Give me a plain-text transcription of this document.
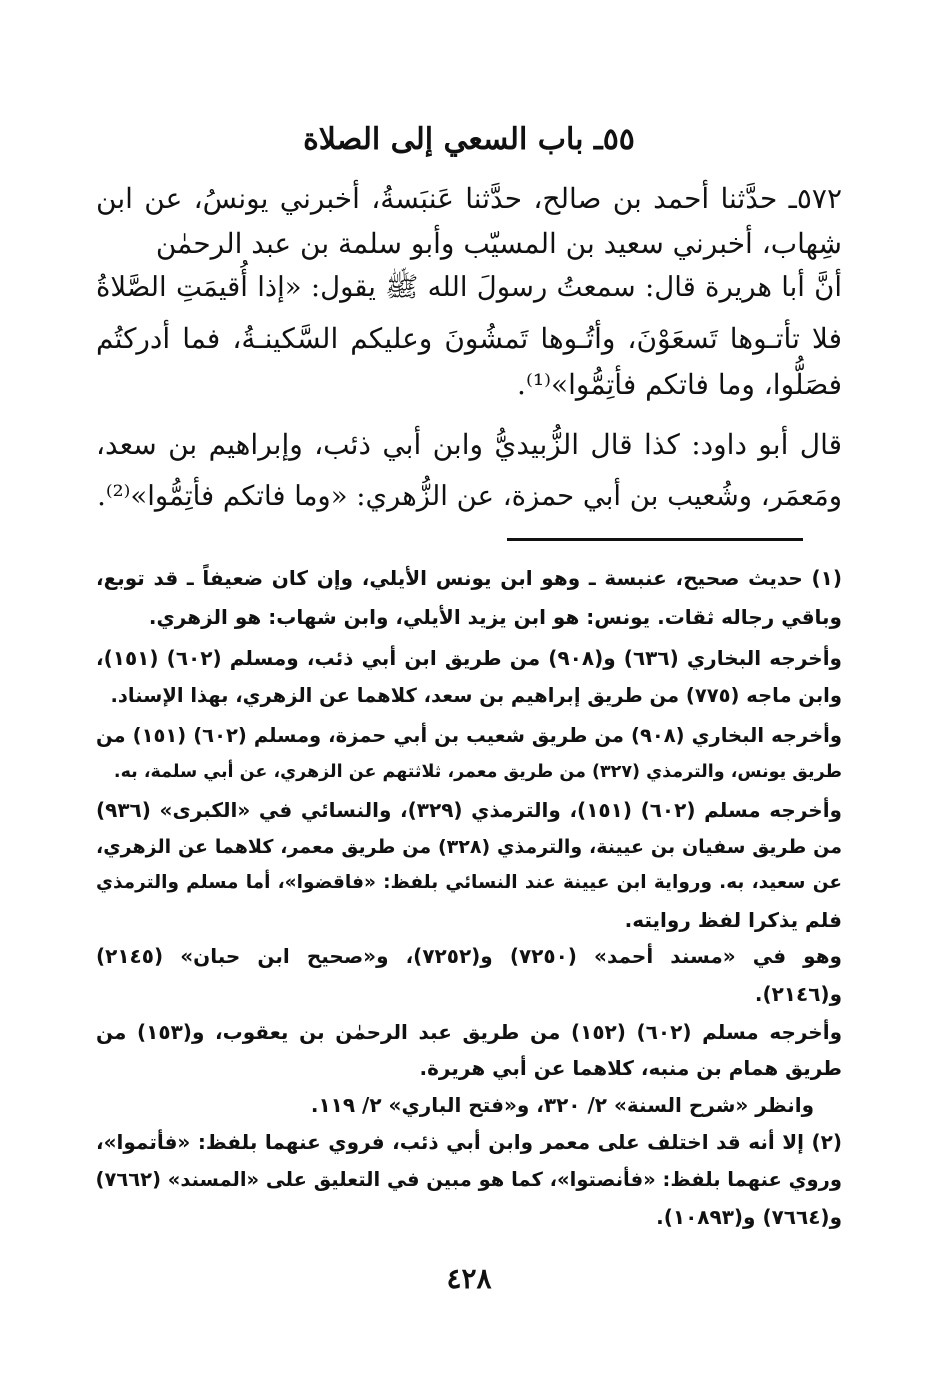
٥٥ـ باب السعي إلى الصلاة
٥٧٢ـ حدَّثنا أحمد بن صالح، حدَّثنا عَنبَسةُ، أخبرني يونسُ، عن ابن
شِهاب، أخبرني سعيد بن المسيّب وأبو سلمة بن عبد الرحمٰن
أنَّ أبا هريرة قال: سمعتُ رسولَ الله ﷺ يقول: «إذا أُقيمَتِ الصَّلاةُ
فلا تأتـوها تَسعَوْنَ، وأتُـوها تَمشُونَ وعليكم السَّكينـةُ، فما أدركتُم
فصَلُّوا، وما فاتكم فأتِمُّوا»⁽¹⁾.
قال أبو داود: كذا قال الزُّبيديُّ وابن أبي ذئب، وإبراهيم بن سعد،
ومَعمَر، وشُعيب بن أبي حمزة، عن الزُّهري: «وما فاتكم فأتِمُّوا»⁽²⁾.
(١) حديث صحيح، عنبسة ـ وهو ابن يونس الأيلي، وإن كان ضعيفاً ـ قد توبع،
وباقي رجاله ثقات. يونس: هو ابن يزيد الأيلي، وابن شهاب: هو الزهري.
وأخرجه البخاري (٦٣٦) و(٩٠٨) من طريق ابن أبي ذئب، ومسلم (٦٠٢) (١٥١)،
وابن ماجه (٧٧٥) من طريق إبراهيم بن سعد، كلاهما عن الزهري، بهذا الإسناد.
وأخرجه البخاري (٩٠٨) من طريق شعيب بن أبي حمزة، ومسلم (٦٠٢) (١٥١) من
طريق يونس، والترمذي (٣٢٧) من طريق معمر، ثلاثتهم عن الزهري، عن أبي سلمة، به.
وأخرجه مسلم (٦٠٢) (١٥١)، والترمذي (٣٢٩)، والنسائي في «الكبرى» (٩٣٦)
من طريق سفيان بن عيينة، والترمذي (٣٢٨) من طريق معمر، كلاهما عن الزهري،
عن سعيد، به. ورواية ابن عيينة عند النسائي بلفظ: «فاقضوا»، أما مسلم والترمذي
فلم يذكرا لفظ روايته.
وهو في «مسند أحمد» (٧٢٥٠) و(٧٢٥٢)، و«صحيح ابن حبان» (٢١٤٥)
و(٢١٤٦).
وأخرجه مسلم (٦٠٢) (١٥٢) من طريق عبد الرحمٰن بن يعقوب، و(١٥٣) من
طريق همام بن منبه، كلاهما عن أبي هريرة.
وانظر «شرح السنة» ٢/ ٣٢٠، و«فتح الباري» ٢/ ١١٩.
(٢) إلا أنه قد اختلف على معمر وابن أبي ذئب، فروي عنهما بلفظ: «فأتموا»،
وروي عنهما بلفظ: «فأنصتوا»، كما هو مبين في التعليق على «المسند» (٧٦٦٢)
و(٧٦٦٤) و(١٠٨٩٣).
٤٢٨
